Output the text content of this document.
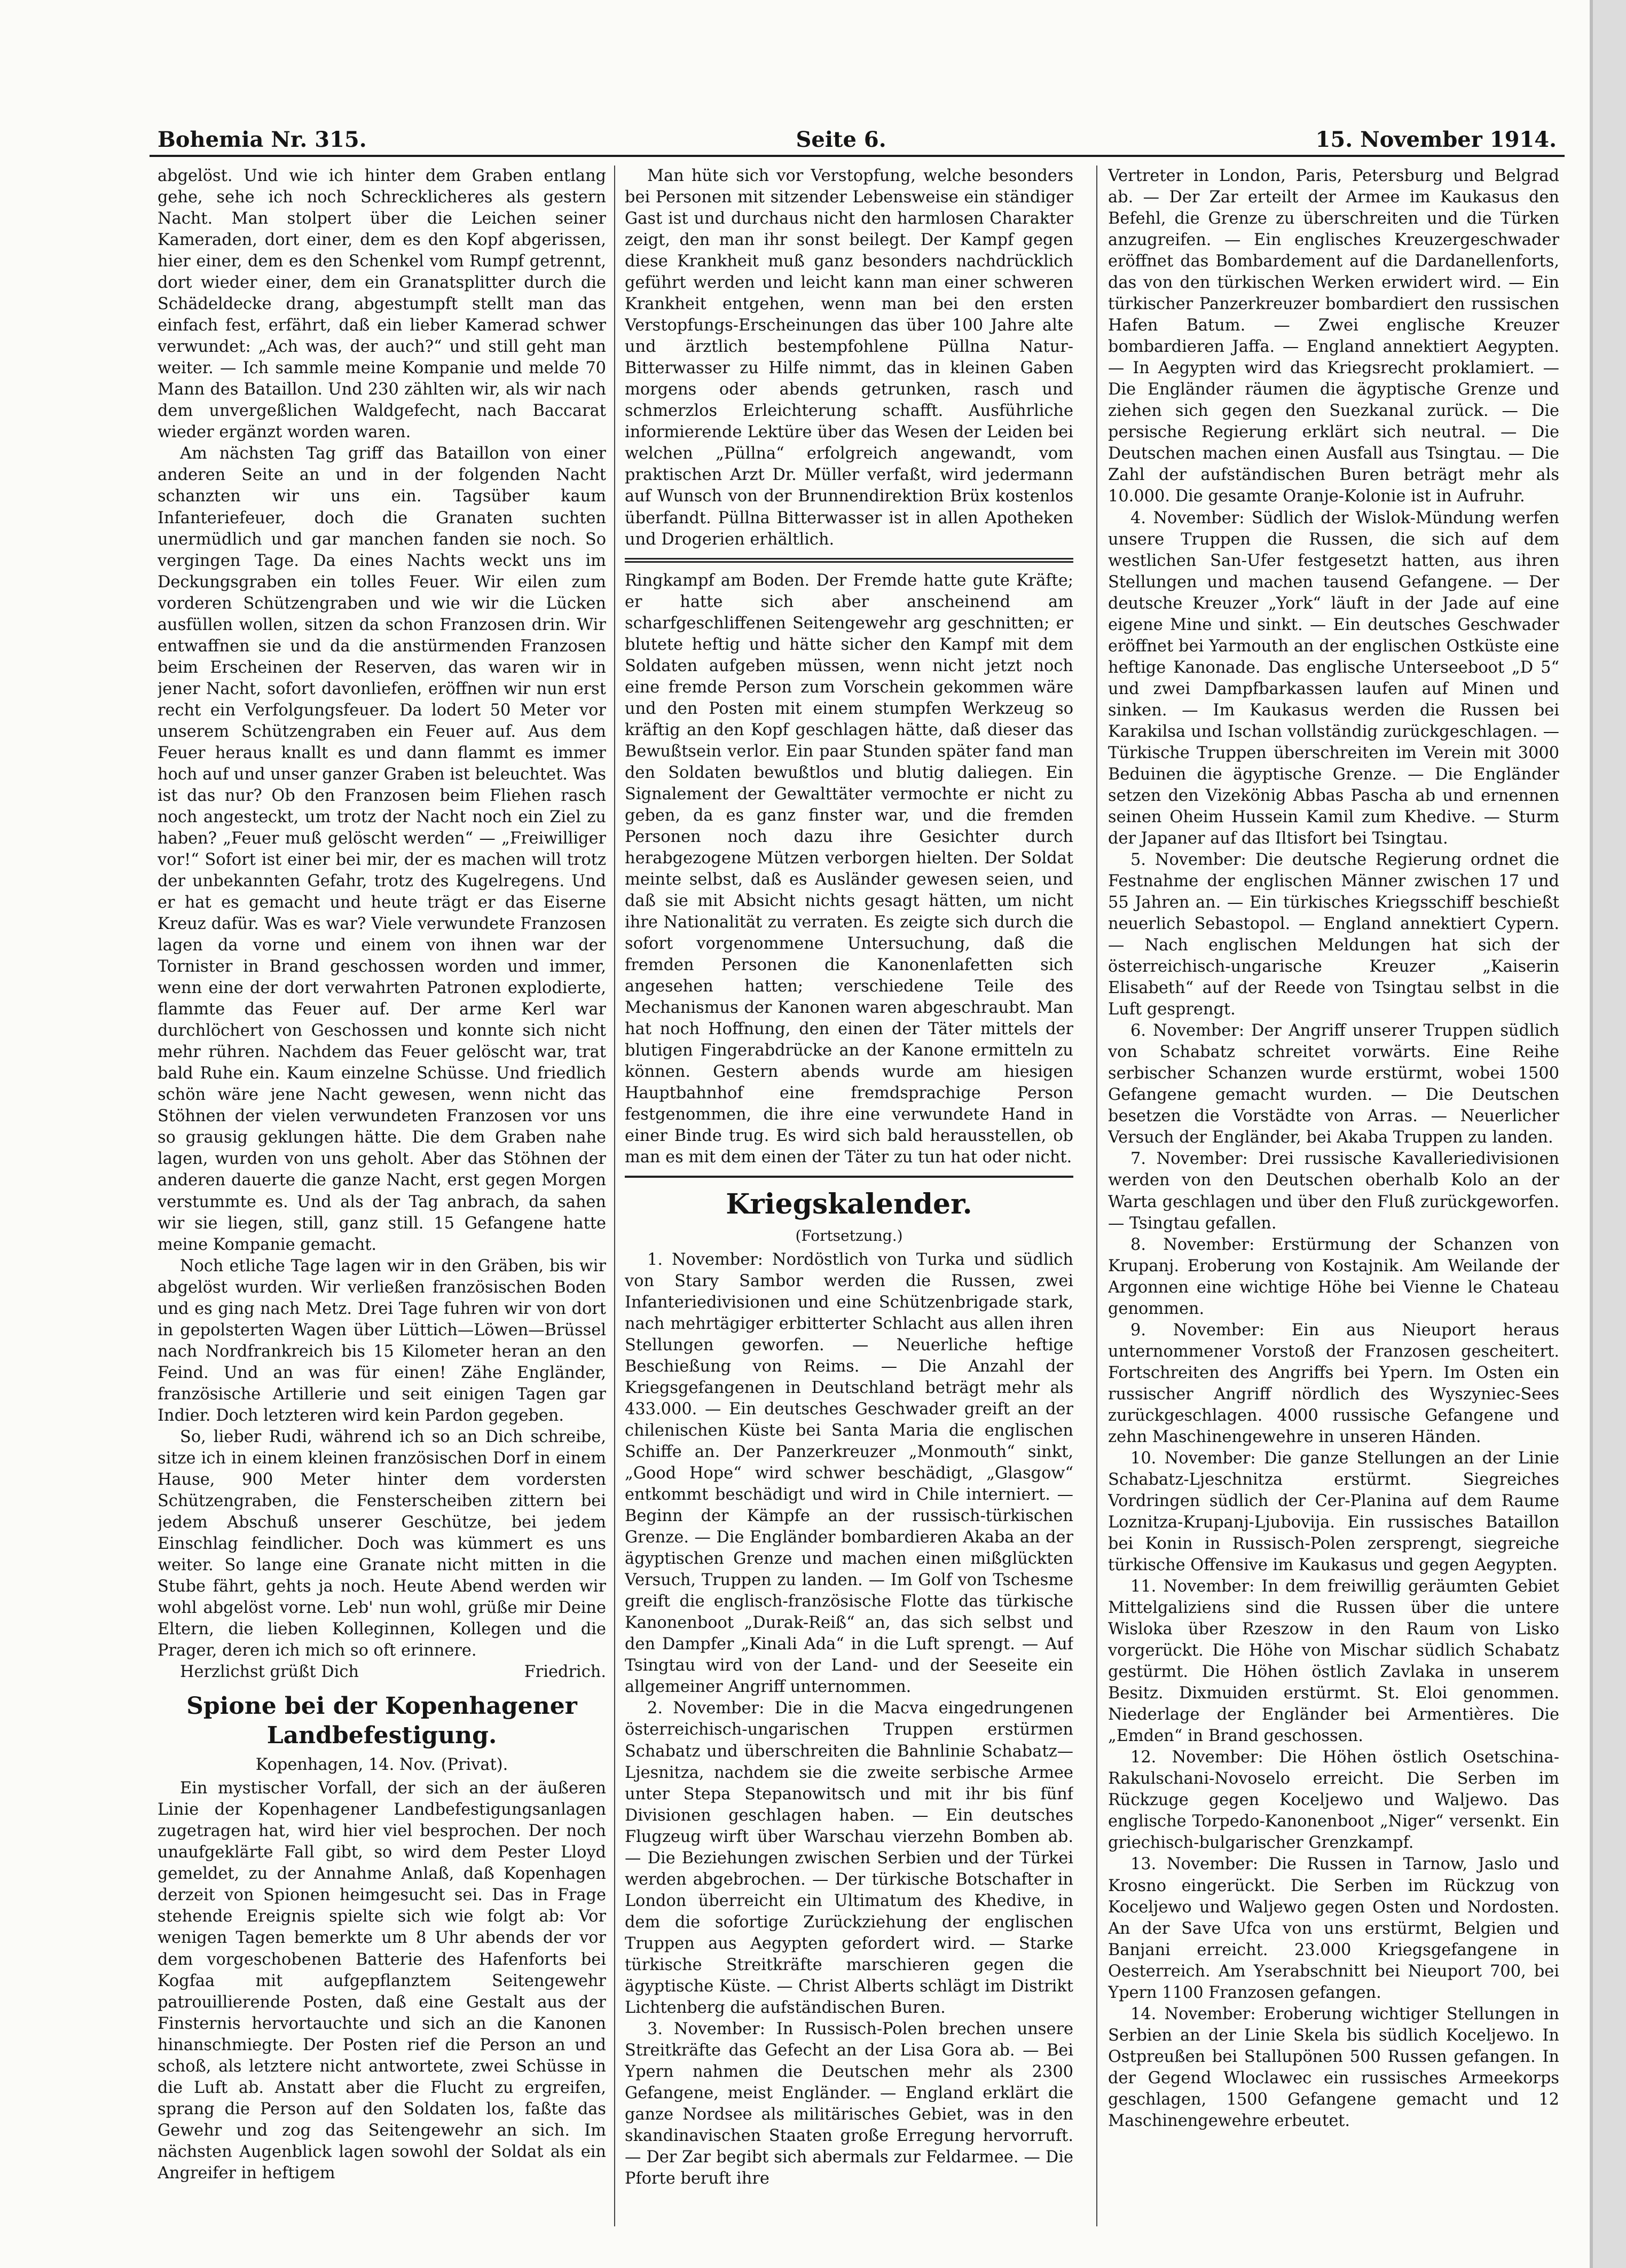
Bohemia Nr. 315.	Seite 6.	15. November 1914.

abgelöst. Und wie ich hinter dem Graben entlang gehe, sehe ich noch Schrecklicheres als gestern Nacht. Man stolpert über die Leichen seiner Kameraden, dort einer, dem es den Kopf abgerissen, hier einer, dem es den Schenkel vom Rumpf getrennt, dort wieder einer, dem ein Granatsplitter durch die Schädeldecke drang, abgestumpft stellt man das einfach fest, erfährt, daß ein lieber Kamerad schwer verwundet: „Ach was, der auch?“ und still geht man weiter. — Ich sammle meine Kompanie und melde 70 Mann des Bataillon. Und 230 zählten wir, als wir nach dem unvergeßlichen Waldgefecht, nach Baccarat wieder ergänzt worden waren.

Am nächsten Tag griff das Bataillon von einer anderen Seite an und in der folgenden Nacht schanzten wir uns ein. Tagsüber kaum Infanteriefeuer, doch die Granaten suchten unermüdlich und gar manchen fanden sie noch. So vergingen Tage. Da eines Nachts weckt uns im Deckungsgraben ein tolles Feuer. Wir eilen zum vorderen Schützengraben und wie wir die Lücken ausfüllen wollen, sitzen da schon Franzosen drin. Wir entwaffnen sie und da die anstürmenden Franzosen beim Erscheinen der Reserven, das waren wir in jener Nacht, sofort davonliefen, eröffnen wir nun erst recht ein Verfolgungsfeuer. Da lodert 50 Meter vor unserem Schützengraben ein Feuer auf. Aus dem Feuer heraus knallt es und dann flammt es immer hoch auf und unser ganzer Graben ist beleuchtet. Was ist das nur? Ob den Franzosen beim Fliehen rasch noch angesteckt, um trotz der Nacht noch ein Ziel zu haben? „Feuer muß gelöscht werden“ — „Freiwilliger vor!“ Sofort ist einer bei mir, der es machen will trotz der unbekannten Gefahr, trotz des Kugelregens. Und er hat es gemacht und heute trägt er das Eiserne Kreuz dafür. Was es war? Viele verwundete Franzosen lagen da vorne und einem von ihnen war der Tornister in Brand geschossen worden und immer, wenn eine der dort verwahrten Patronen explodierte, flammte das Feuer auf. Der arme Kerl war durchlöchert von Geschossen und konnte sich nicht mehr rühren. Nachdem das Feuer gelöscht war, trat bald Ruhe ein. Kaum einzelne Schüsse. Und friedlich schön wäre jene Nacht gewesen, wenn nicht das Stöhnen der vielen verwundeten Franzosen vor uns so grausig geklungen hätte. Die dem Graben nahe lagen, wurden von uns geholt. Aber das Stöhnen der anderen dauerte die ganze Nacht, erst gegen Morgen verstummte es. Und als der Tag anbrach, da sahen wir sie liegen, still, ganz still. 15 Gefangene hatte meine Kompanie gemacht.

Noch etliche Tage lagen wir in den Gräben, bis wir abgelöst wurden. Wir verließen französischen Boden und es ging nach Metz. Drei Tage fuhren wir von dort in gepolsterten Wagen über Lüttich—Löwen—Brüssel nach Nordfrankreich bis 15 Kilometer heran an den Feind. Und an was für einen! Zähe Engländer, französische Artillerie und seit einigen Tagen gar Indier. Doch letzteren wird kein Pardon gegeben.

So, lieber Rudi, während ich so an Dich schreibe, sitze ich in einem kleinen französischen Dorf in einem Hause, 900 Meter hinter dem vordersten Schützengraben, die Fensterscheiben zittern bei jedem Abschuß unserer Geschütze, bei jedem Einschlag feindlicher. Doch was kümmert es uns weiter. So lange eine Granate nicht mitten in die Stube fährt, gehts ja noch. Heute Abend werden wir wohl abgelöst vorne. Leb' nun wohl, grüße mir Deine Eltern, die lieben Kolleginnen, Kollegen und die Prager, deren ich mich so oft erinnere.

Herzlichst grüßt Dich	Friedrich.
Spione bei der Kopenhagener Landbefestigung.
Kopenhagen, 14. Nov. (Privat).

Ein mystischer Vorfall, der sich an der äußeren Linie der Kopenhagener Landbefestigungsanlagen zugetragen hat, wird hier viel besprochen. Der noch unaufgeklärte Fall gibt, so wird dem Pester Lloyd gemeldet, zu der Annahme Anlaß, daß Kopenhagen derzeit von Spionen heimgesucht sei. Das in Frage stehende Ereignis spielte sich wie folgt ab: Vor wenigen Tagen bemerkte um 8 Uhr abends der vor dem vorgeschobenen Batterie des Hafenforts bei Kogfaa mit aufgepflanztem Seitengewehr patrouillierende Posten, daß eine Gestalt aus der Finsternis hervortauchte und sich an die Kanonen hinanschmiegte. Der Posten rief die Person an und schoß, als letztere nicht antwortete, zwei Schüsse in die Luft ab. Anstatt aber die Flucht zu ergreifen, sprang die Person auf den Soldaten los, faßte das Gewehr und zog das Seitengewehr an sich. Im nächsten Augenblick lagen sowohl der Soldat als ein Angreifer in heftigem

Man hüte sich vor Verstopfung, welche besonders bei Personen mit sitzender Lebensweise ein ständiger Gast ist und durchaus nicht den harmlosen Charakter zeigt, den man ihr sonst beilegt. Der Kampf gegen diese Krankheit muß ganz besonders nachdrücklich geführt werden und leicht kann man einer schweren Krankheit entgehen, wenn man bei den ersten Verstopfungs-Erscheinungen das über 100 Jahre alte und ärztlich bestempfohlene Püllna Natur-Bitterwasser zu Hilfe nimmt, das in kleinen Gaben morgens oder abends getrunken, rasch und schmerzlos Erleichterung schafft. Ausführliche informierende Lektüre über das Wesen der Leiden bei welchen „Püllna“ erfolgreich angewandt, vom praktischen Arzt Dr. Müller verfaßt, wird jedermann auf Wunsch von der Brunnendirektion Brüx kostenlos überfandt. Püllna Bitterwasser ist in allen Apotheken und Drogerien erhältlich.

Ringkampf am Boden. Der Fremde hatte gute Kräfte; er hatte sich aber anscheinend am scharfgeschliffenen Seitengewehr arg geschnitten; er blutete heftig und hätte sicher den Kampf mit dem Soldaten aufgeben müssen, wenn nicht jetzt noch eine fremde Person zum Vorschein gekommen wäre und den Posten mit einem stumpfen Werkzeug so kräftig an den Kopf geschlagen hätte, daß dieser das Bewußtsein verlor. Ein paar Stunden später fand man den Soldaten bewußtlos und blutig daliegen. Ein Signalement der Gewalttäter vermochte er nicht zu geben, da es ganz finster war, und die fremden Personen noch dazu ihre Gesichter durch herabgezogene Mützen verborgen hielten. Der Soldat meinte selbst, daß es Ausländer gewesen seien, und daß sie mit Absicht nichts gesagt hätten, um nicht ihre Nationalität zu verraten. Es zeigte sich durch die sofort vorgenommene Untersuchung, daß die fremden Personen die Kanonenlafetten sich angesehen hatten; verschiedene Teile des Mechanismus der Kanonen waren abgeschraubt. Man hat noch Hoffnung, den einen der Täter mittels der blutigen Fingerabdrücke an der Kanone ermitteln zu können. Gestern abends wurde am hiesigen Hauptbahnhof eine fremdsprachige Person festgenommen, die ihre eine verwundete Hand in einer Binde trug. Es wird sich bald herausstellen, ob man es mit dem einen der Täter zu tun hat oder nicht.

Kriegskalender.
(Fortsetzung.)

1. November: Nordöstlich von Turka und südlich von Stary Sambor werden die Russen, zwei Infanteriedivisionen und eine Schützenbrigade stark, nach mehrtägiger erbitterter Schlacht aus allen ihren Stellungen geworfen. — Neuerliche heftige Beschießung von Reims. — Die Anzahl der Kriegsgefangenen in Deutschland beträgt mehr als 433.000. — Ein deutsches Geschwader greift an der chilenischen Küste bei Santa Maria die englischen Schiffe an. Der Panzerkreuzer „Monmouth“ sinkt, „Good Hope“ wird schwer beschädigt, „Glasgow“ entkommt beschädigt und wird in Chile interniert. — Beginn der Kämpfe an der russisch-türkischen Grenze. — Die Engländer bombardieren Akaba an der ägyptischen Grenze und machen einen mißglückten Versuch, Truppen zu landen. — Im Golf von Tschesme greift die englisch-französische Flotte das türkische Kanonenboot „Durak-Reiß“ an, das sich selbst und den Dampfer „Kinali Ada“ in die Luft sprengt. — Auf Tsingtau wird von der Land- und der Seeseite ein allgemeiner Angriff unternommen.

2. November: Die in die Macva eingedrungenen österreichisch-ungarischen Truppen erstürmen Schabatz und überschreiten die Bahnlinie Schabatz—Ljesnitza, nachdem sie die zweite serbische Armee unter Stepa Stepanowitsch und mit ihr bis fünf Divisionen geschlagen haben. — Ein deutsches Flugzeug wirft über Warschau vierzehn Bomben ab. — Die Beziehungen zwischen Serbien und der Türkei werden abgebrochen. — Der türkische Botschafter in London überreicht ein Ultimatum des Khedive, in dem die sofortige Zurückziehung der englischen Truppen aus Aegypten gefordert wird. — Starke türkische Streitkräfte marschieren gegen die ägyptische Küste. — Christ Alberts schlägt im Distrikt Lichtenberg die aufständischen Buren.

3. November: In Russisch-Polen brechen unsere Streitkräfte das Gefecht an der Lisa Gora ab. — Bei Ypern nahmen die Deutschen mehr als 2300 Gefangene, meist Engländer. — England erklärt die ganze Nordsee als militärisches Gebiet, was in den skandinavischen Staaten große Erregung hervorruft. — Der Zar begibt sich abermals zur Feldarmee. — Die Pforte beruft ihre

Vertreter in London, Paris, Petersburg und Belgrad ab. — Der Zar erteilt der Armee im Kaukasus den Befehl, die Grenze zu überschreiten und die Türken anzugreifen. — Ein englisches Kreuzergeschwader eröffnet das Bombardement auf die Dardanellenforts, das von den türkischen Werken erwidert wird. — Ein türkischer Panzerkreuzer bombardiert den russischen Hafen Batum. — Zwei englische Kreuzer bombardieren Jaffa. — England annektiert Aegypten. — In Aegypten wird das Kriegsrecht proklamiert. — Die Engländer räumen die ägyptische Grenze und ziehen sich gegen den Suezkanal zurück. — Die persische Regierung erklärt sich neutral. — Die Deutschen machen einen Ausfall aus Tsingtau. — Die Zahl der aufständischen Buren beträgt mehr als 10.000. Die gesamte Oranje-Kolonie ist in Aufruhr.

4. November: Südlich der Wislok-Mündung werfen unsere Truppen die Russen, die sich auf dem westlichen San-Ufer festgesetzt hatten, aus ihren Stellungen und machen tausend Gefangene. — Der deutsche Kreuzer „York“ läuft in der Jade auf eine eigene Mine und sinkt. — Ein deutsches Geschwader eröffnet bei Yarmouth an der englischen Ostküste eine heftige Kanonade. Das englische Unterseeboot „D 5“ und zwei Dampfbarkassen laufen auf Minen und sinken. — Im Kaukasus werden die Russen bei Karakilsa und Ischan vollständig zurückgeschlagen. — Türkische Truppen überschreiten im Verein mit 3000 Beduinen die ägyptische Grenze. — Die Engländer setzen den Vizekönig Abbas Pascha ab und ernennen seinen Oheim Hussein Kamil zum Khedive. — Sturm der Japaner auf das Iltisfort bei Tsingtau.

5. November: Die deutsche Regierung ordnet die Festnahme der englischen Männer zwischen 17 und 55 Jahren an. — Ein türkisches Kriegsschiff beschießt neuerlich Sebastopol. — England annektiert Cypern. — Nach englischen Meldungen hat sich der österreichisch-ungarische Kreuzer „Kaiserin Elisabeth“ auf der Reede von Tsingtau selbst in die Luft gesprengt.

6. November: Der Angriff unserer Truppen südlich von Schabatz schreitet vorwärts. Eine Reihe serbischer Schanzen wurde erstürmt, wobei 1500 Gefangene gemacht wurden. — Die Deutschen besetzen die Vorstädte von Arras. — Neuerlicher Versuch der Engländer, bei Akaba Truppen zu landen.

7. November: Drei russische Kavalleriedivisionen werden von den Deutschen oberhalb Kolo an der Warta geschlagen und über den Fluß zurückgeworfen. — Tsingtau gefallen.

8. November: Erstürmung der Schanzen von Krupanj. Eroberung von Kostajnik. Am Weilande der Argonnen eine wichtige Höhe bei Vienne le Chateau genommen.

9. November: Ein aus Nieuport heraus unternommener Vorstoß der Franzosen gescheitert. Fortschreiten des Angriffs bei Ypern. Im Osten ein russischer Angriff nördlich des Wyszyniec-Sees zurückgeschlagen. 4000 russische Gefangene und zehn Maschinengewehre in unseren Händen.

10. November: Die ganze Stellungen an der Linie Schabatz-Ljeschnitza erstürmt. Siegreiches Vordringen südlich der Cer-Planina auf dem Raume Loznitza-Krupanj-Ljubovija. Ein russisches Bataillon bei Konin in Russisch-Polen zersprengt, siegreiche türkische Offensive im Kaukasus und gegen Aegypten.

11. November: In dem freiwillig geräumten Gebiet Mittelgaliziens sind die Russen über die untere Wisloka über Rzeszow in den Raum von Lisko vorgerückt. Die Höhe von Mischar südlich Schabatz gestürmt. Die Höhen östlich Zavlaka in unserem Besitz. Dixmuiden erstürmt. St. Eloi genommen. Niederlage der Engländer bei Armentières. Die „Emden“ in Brand geschossen.

12. November: Die Höhen östlich Osetschina-Rakulschani-Novoselo erreicht. Die Serben im Rückzuge gegen Koceljewo und Waljewo. Das englische Torpedo-Kanonenboot „Niger“ versenkt. Ein griechisch-bulgarischer Grenzkampf.

13. November: Die Russen in Tarnow, Jaslo und Krosno eingerückt. Die Serben im Rückzug von Koceljewo und Waljewo gegen Osten und Nordosten. An der Save Ufca von uns erstürmt, Belgien und Banjani erreicht. 23.000 Kriegsgefangene in Oesterreich. Am Yserabschnitt bei Nieuport 700, bei Ypern 1100 Franzosen gefangen.

14. November: Eroberung wichtiger Stellungen in Serbien an der Linie Skela bis südlich Koceljewo. In Ostpreußen bei Stallupönen 500 Russen gefangen. In der Gegend Wloclawec ein russisches Armeekorps geschlagen, 1500 Gefangene gemacht und 12 Maschinengewehre erbeutet.
